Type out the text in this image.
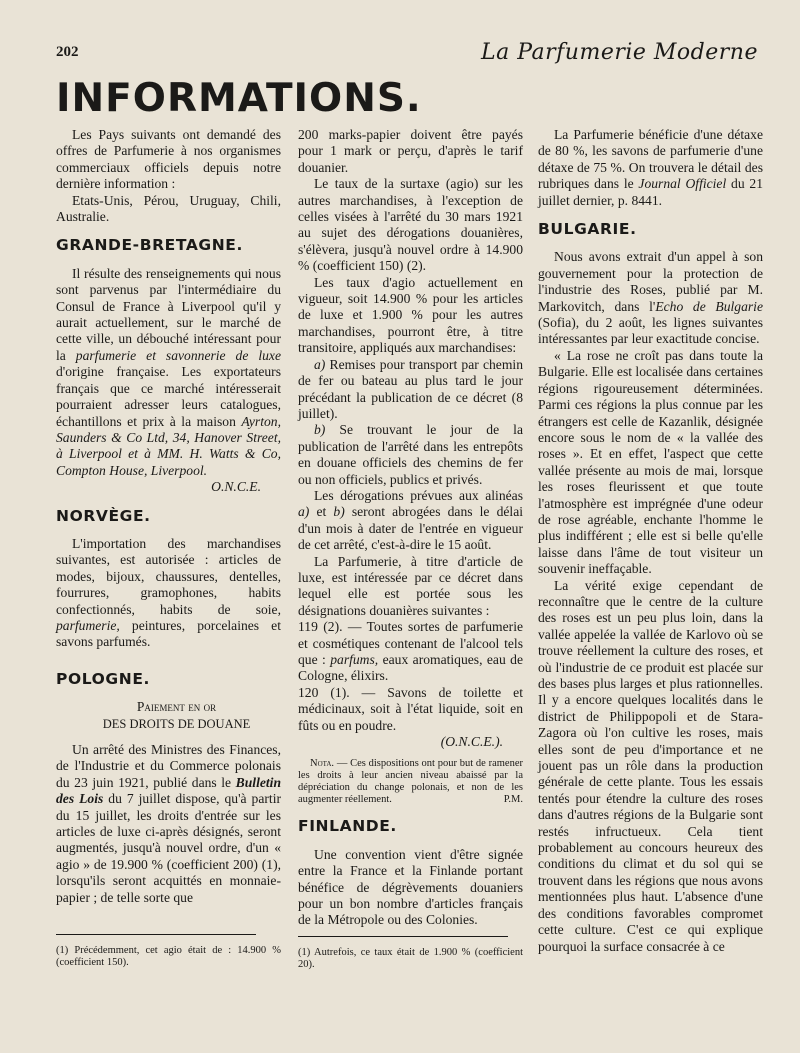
202	La Parfumerie Moderne
INFORMATIONS.

Les Pays suivants ont demandé des offres de Parfumerie à nos organismes commerciaux officiels depuis notre dernière information :

Etats-Unis, Pérou, Uruguay, Chili, Australie.

GRANDE-BRETAGNE.

Il résulte des renseignements qui nous sont parvenus par l'intermédiaire du Consul de France à Liverpool qu'il y aurait actuellement, sur le marché de cette ville, un débouché intéressant pour la parfumerie et savonnerie de luxe d'origine française. Les exportateurs français que ce marché intéresserait pourraient adresser leurs catalogues, échantillons et prix à la maison Ayrton, Saunders & Co Ltd, 34, Hanover Street, à Liverpool et à MM. H. Watts & Co, Compton House, Liverpool.

O.N.C.E.

NORVÈGE.

L'importation des marchandises suivantes, est autorisée : articles de modes, bijoux, chaussures, dentelles, fourrures, gramophones, habits confectionnés, habits de soie, parfumerie, peintures, porcelaines et savons parfumés.

POLOGNE.

Paiement en or

DES DROITS DE DOUANE

Un arrêté des Ministres des Finances, de l'Industrie et du Commerce polonais du 23 juin 1921, publié dans le Bulletin des Lois du 7 juillet dispose, qu'à partir du 15 juillet, les droits d'entrée sur les articles de luxe ci-après désignés, seront augmentés, jusqu'à nouvel ordre, d'un « agio » de 19.900 % (coefficient 200) (1), lorsqu'ils seront acquittés en monnaie-papier ; de telle sorte que

(1) Précédemment, cet agio était de : 14.900 % (coefficient 150).

200 marks-papier doivent être payés pour 1 mark or perçu, d'après le tarif douanier.

Le taux de la surtaxe (agio) sur les autres marchandises, à l'exception de celles visées à l'arrêté du 30 mars 1921 au sujet des dérogations douanières, s'élèvera, jusqu'à nouvel ordre à 14.900 % (coefficient 150) (2).

Les taux d'agio actuellement en vigueur, soit 14.900 % pour les articles de luxe et 1.900 % pour les autres marchandises, pourront être, à titre transitoire, appliqués aux marchandises:

a) Remises pour transport par chemin de fer ou bateau au plus tard le jour précédant la publication de ce décret (8 juillet).

b) Se trouvant le jour de la publication de l'arrêté dans les entrepôts en douane officiels des chemins de fer ou non officiels, publics et privés.

Les dérogations prévues aux alinéas a) et b) seront abrogées dans le délai d'un mois à dater de l'entrée en vigueur de cet arrêté, c'est-à-dire le 15 août.

La Parfumerie, à titre d'article de luxe, est intéressée par ce décret dans lequel elle est portée sous les désignations douanières suivantes :

119 (2). — Toutes sortes de parfumerie et cosmétiques contenant de l'alcool tels que : parfums, eaux aromatiques, eau de Cologne, élixirs.

120 (1). — Savons de toilette et médicinaux, soit à l'état liquide, soit en fûts ou en poudre.

(O.N.C.E.).

Nota. — Ces dispositions ont pour but de ramener les droits à leur ancien niveau abaissé par la dépréciation du change polonais, et non de les augmenter réellement.	P.M.

FINLANDE.

Une convention vient d'être signée entre la France et la Finlande portant bénéfice de dégrèvements douaniers pour un bon nombre d'articles français de la Métropole ou des Colonies.

(1) Autrefois, ce taux était de 1.900 % (coefficient 20).

La Parfumerie bénéficie d'une détaxe de 80 %, les savons de parfumerie d'une détaxe de 75 %. On trouvera le détail des rubriques dans le Journal Officiel du 21 juillet dernier, p. 8441.

BULGARIE.

Nous avons extrait d'un appel à son gouvernement pour la protection de l'industrie des Roses, publié par M. Markovitch, dans l'Echo de Bulgarie (Sofia), du 2 août, les lignes suivantes intéressantes par leur exactitude concise.

« La rose ne croît pas dans toute la Bulgarie. Elle est localisée dans certaines régions rigoureusement déterminées. Parmi ces régions la plus connue par les étrangers est celle de Kazanlik, désignée encore sous le nom de « la vallée des roses ». Et en effet, l'aspect que cette vallée présente au mois de mai, lorsque les roses fleurissent et que toute l'atmosphère est imprégnée d'une odeur de rose agréable, enchante l'homme le plus indifférent ; elle est si belle qu'elle laisse dans l'âme de tout visiteur un souvenir ineffaçable.

La vérité exige cependant de reconnaître que le centre de la culture des roses est un peu plus loin, dans la vallée appelée la vallée de Karlovo où se trouve réellement la culture des roses, et où l'industrie de ce produit est placée sur des bases plus larges et plus rationnelles. Il y a encore quelques localités dans le district de Philippopoli et de Stara-Zagora où l'on cultive les roses, mais elles sont de peu d'importance et ne jouent pas un rôle dans la production générale de cette plante. Tous les essais tentés pour étendre la culture des roses dans d'autres régions de la Bulgarie sont restés infructueux. Cela tient probablement au concours heureux des conditions du climat et du sol qui se trouvent dans les régions que nous avons mentionnées plus haut. L'absence d'une des conditions favorables compromet cette culture. C'est ce qui explique pourquoi la surface consacrée à ce
